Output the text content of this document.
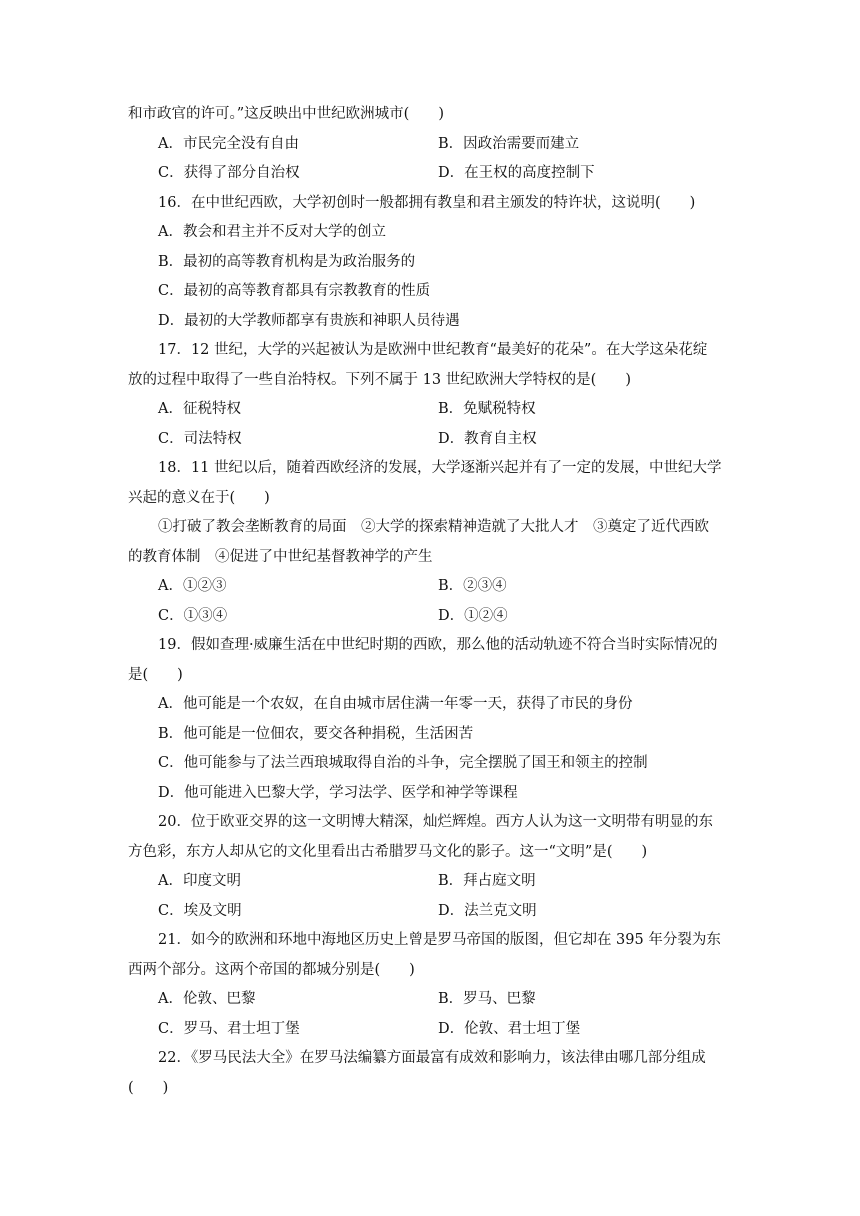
和市政官的许可。”这反映出中世纪欧洲城市(　　)
A．市民完全没有自由	B．因政治需要而建立
C．获得了部分自治权	D．在王权的高度控制下
16．在中世纪西欧，大学初创时一般都拥有教皇和君主颁发的特许状，这说明(　　)
A．教会和君主并不反对大学的创立
B．最初的高等教育机构是为政治服务的
C．最初的高等教育都具有宗教教育的性质
D．最初的大学教师都享有贵族和神职人员待遇
17．12 世纪，大学的兴起被认为是欧洲中世纪教育“最美好的花朵”。在大学这朵花绽
放的过程中取得了一些自治特权。下列不属于 13 世纪欧洲大学特权的是(　　)
A．征税特权	B．免赋税特权
C．司法特权	D．教育自主权
18．11 世纪以后，随着西欧经济的发展，大学逐渐兴起并有了一定的发展，中世纪大学
兴起的意义在于(　　)
①打破了教会垄断教育的局面　②大学的探索精神造就了大批人才　③奠定了近代西欧
的教育体制　④促进了中世纪基督教神学的产生
A．①②③	B．②③④
C．①③④	D．①②④
19．假如查理·威廉生活在中世纪时期的西欧，那么他的活动轨迹不符合当时实际情况的
是(　　)
A．他可能是一个农奴，在自由城市居住满一年零一天，获得了市民的身份
B．他可能是一位佃农，要交各种捐税，生活困苦
C．他可能参与了法兰西琅城取得自治的斗争，完全摆脱了国王和领主的控制
D．他可能进入巴黎大学，学习法学、医学和神学等课程
20．位于欧亚交界的这一文明博大精深，灿烂辉煌。西方人认为这一文明带有明显的东
方色彩，东方人却从它的文化里看出古希腊罗马文化的影子。这一“文明”是(　　)
A．印度文明	B．拜占庭文明
C．埃及文明	D．法兰克文明
21．如今的欧洲和环地中海地区历史上曾是罗马帝国的版图，但它却在 395 年分裂为东
西两个部分。这两个帝国的都城分别是(　　)
A．伦敦、巴黎	B．罗马、巴黎
C．罗马、君士坦丁堡	D．伦敦、君士坦丁堡
22．《罗马民法大全》在罗马法编纂方面最富有成效和影响力，该法律由哪几部分组成
(　　)
